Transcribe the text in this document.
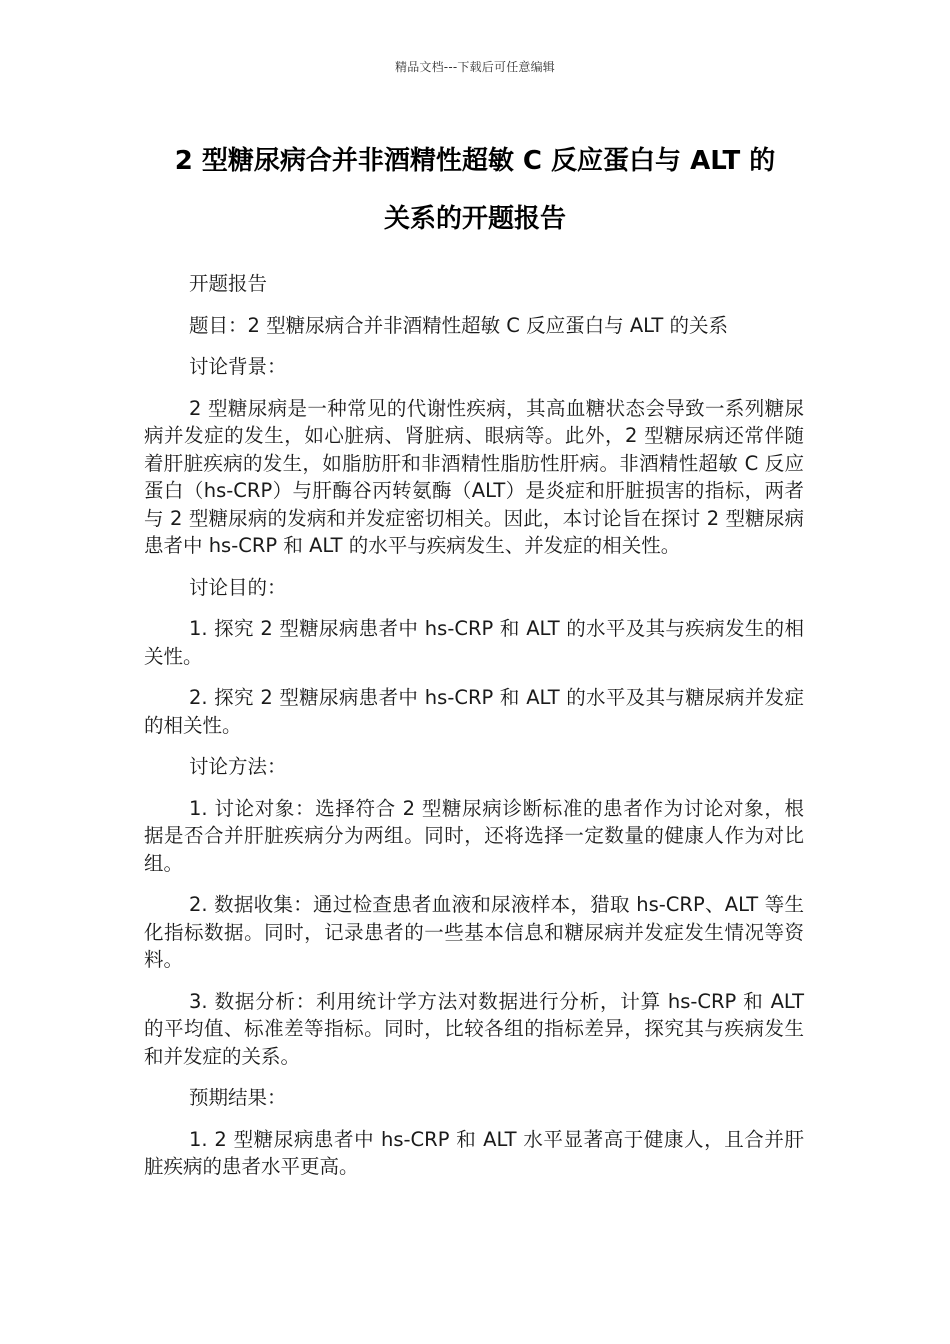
精品文档---下载后可任意编辑
2 型糖尿病合并非酒精性超敏 C 反应蛋白与 ALT 的
关系的开题报告

开题报告

题目：2 型糖尿病合并非酒精性超敏 C 反应蛋白与 ALT 的关系

讨论背景：

2 型糖尿病是一种常见的代谢性疾病，其高血糖状态会导致一系列糖尿病并发症的发生，如心脏病、肾脏病、眼病等。此外，2 型糖尿病还常伴随着肝脏疾病的发生，如脂肪肝和非酒精性脂肪性肝病。非酒精性超敏 C 反应蛋白（hs-CRP）与肝酶谷丙转氨酶（ALT）是炎症和肝脏损害的指标，两者与 2 型糖尿病的发病和并发症密切相关。因此，本讨论旨在探讨 2 型糖尿病患者中 hs-CRP 和 ALT 的水平与疾病发生、并发症的相关性。

讨论目的：

1. 探究 2 型糖尿病患者中 hs-CRP 和 ALT 的水平及其与疾病发生的相关性。

2. 探究 2 型糖尿病患者中 hs-CRP 和 ALT 的水平及其与糖尿病并发症的相关性。

讨论方法：

1. 讨论对象：选择符合 2 型糖尿病诊断标准的患者作为讨论对象，根据是否合并肝脏疾病分为两组。同时，还将选择一定数量的健康人作为对比组。

2. 数据收集：通过检查患者血液和尿液样本，猎取 hs-CRP、ALT 等生化指标数据。同时，记录患者的一些基本信息和糖尿病并发症发生情况等资料。

3. 数据分析：利用统计学方法对数据进行分析，计算 hs-CRP 和 ALT 的平均值、标准差等指标。同时，比较各组的指标差异，探究其与疾病发生和并发症的关系。

预期结果：

1. 2 型糖尿病患者中 hs-CRP 和 ALT 水平显著高于健康人，且合并肝脏疾病的患者水平更高。
